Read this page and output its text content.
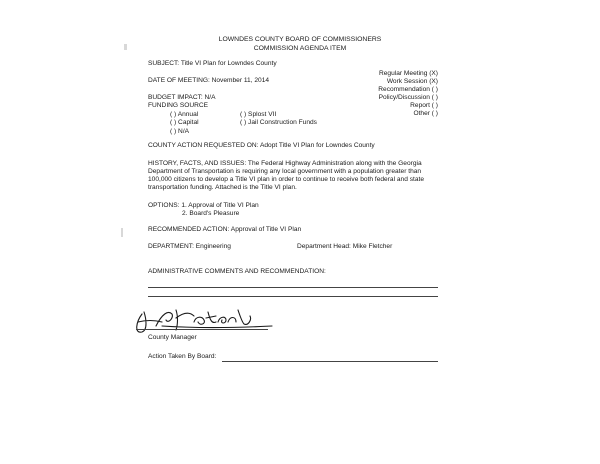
LOWNDES COUNTY BOARD OF COMMISSIONERS
COMMISSION AGENDA ITEM
SUBJECT: Title VI Plan for Lowndes County
DATE OF MEETING: November 11, 2014
Regular Meeting (X)
Work Session (X)
Recommendation ( )
Policy/Discussion ( )
Report ( )
Other ( )
BUDGET IMPACT: N/A
FUNDING SOURCE
( ) Annual
( ) Capital
( ) N/A
( ) Splost VII
( ) Jail Construction Funds
COUNTY ACTION REQUESTED ON: Adopt Title VI Plan for Lowndes County
HISTORY, FACTS, AND ISSUES: The Federal Highway Administration along with the Georgia
Department of Transportation is requiring any local government with a population greater than
100,000 citizens to develop a Title VI plan in order to continue to receive both federal and state
transportation funding. Attached is the Title VI plan.
OPTIONS: 1. Approval of Title VI Plan
2. Board's Pleasure
RECOMMENDED ACTION: Approval of Title VI Plan
DEPARTMENT: Engineering	Department Head: Mike Fletcher
ADMINISTRATIVE COMMENTS AND RECOMMENDATION:
County Manager
Action Taken By Board:
